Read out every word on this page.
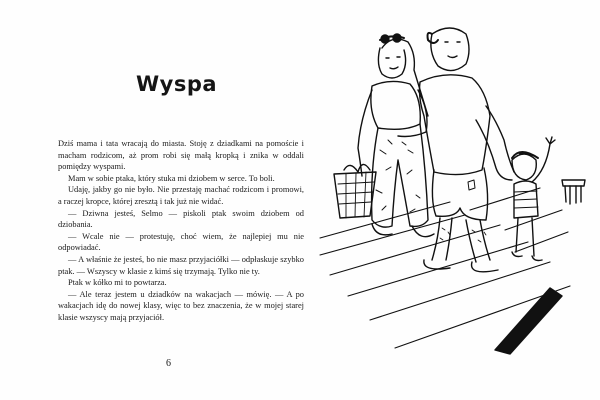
Wyspa

Dziś mama i tata wracają do miasta. Stoję z dziadkami na pomoście i macham rodzicom, aż prom robi się małą kropką i znika w oddali pomiędzy wyspami.

Mam w sobie ptaka, który stuka mi dziobem w serce. To boli.

Udaję, jakby go nie było. Nie przestaję machać rodzicom i promowi, a raczej kropce, której zresztą i tak już nie widać.

— Dziwna jesteś, Selmo — piskoli ptak swoim dziobem od dziobania.

— Wcale nie — protestuję, choć wiem, że najlepiej mu nie odpowiadać.

— A właśnie że jesteś, bo nie masz przyjaciółki — odpłaskuje szybko ptak. — Wszyscy w klasie z kimś się trzymają. Tylko nie ty.

Ptak w kółko mi to powtarza.

— Ale teraz jestem u dziadków na wakacjach — mówię. — A po wakacjach idę do nowej klasy, więc to bez znaczenia, że w mojej starej klasie wszyscy mają przyjaciół.

6
